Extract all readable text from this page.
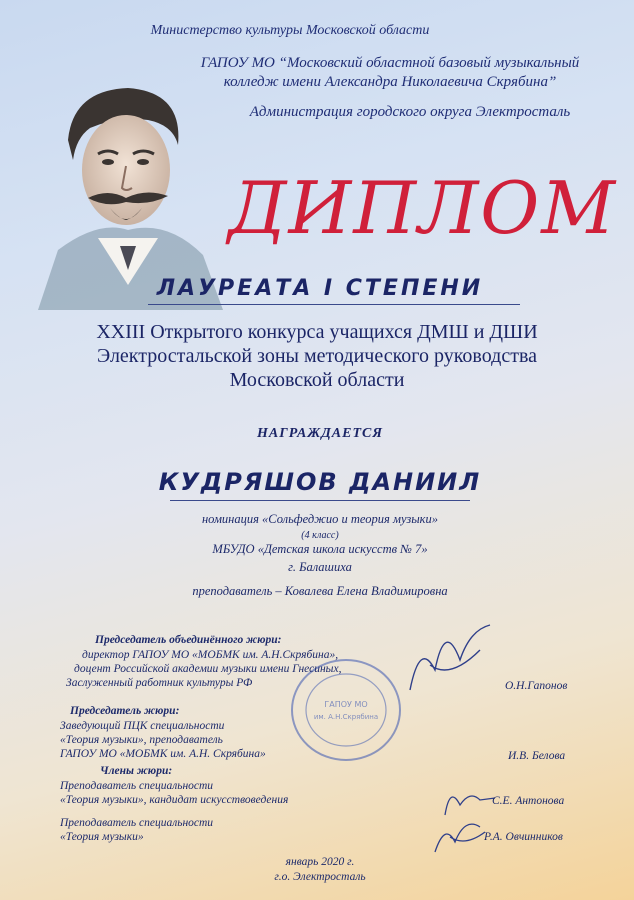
Министерство культуры Московской области
ГАПОУ МО “Московский областной базовый музыкальный
колледж имени Александра Николаевича Скрябина”
Администрация городского округа Электросталь
ДИПЛОМ
ЛАУРЕАТА I СТЕПЕНИ
XXIII Открытого конкурса учащихся ДМШ и ДШИ
Электростальской зоны методического руководства
Московской области
НАГРАЖДАЕТСЯ
КУДРЯШОВ ДАНИИЛ
номинация «Сольфеджио и теория музыки»
(4 класс)
МБУДО «Детская школа искусств № 7»
г. Балашиха
преподаватель – Ковалева Елена Владимировна
ГАПОУ МО
им. А.Н.Скрябина
Председатель объединённого жюри:
директор ГАПОУ МО «МОБМК им. А.Н.Скрябина»,
доцент Российской академии музыки имени Гнесиных,
Заслуженный работник культуры РФ	О.Н.Гапонов
Председатель жюри:
Заведующий ПЦК специальности
«Теория музыки», преподаватель
ГАПОУ МО «МОБМК им. А.Н. Скрябина»	И.В. Белова
Члены жюри:
Преподаватель специальности
«Теория музыки», кандидат искусствоведения	С.Е. Антонова
Преподаватель специальности
«Теория музыки»	Р.А. Овчинников
январь 2020 г.
г.о. Электросталь
